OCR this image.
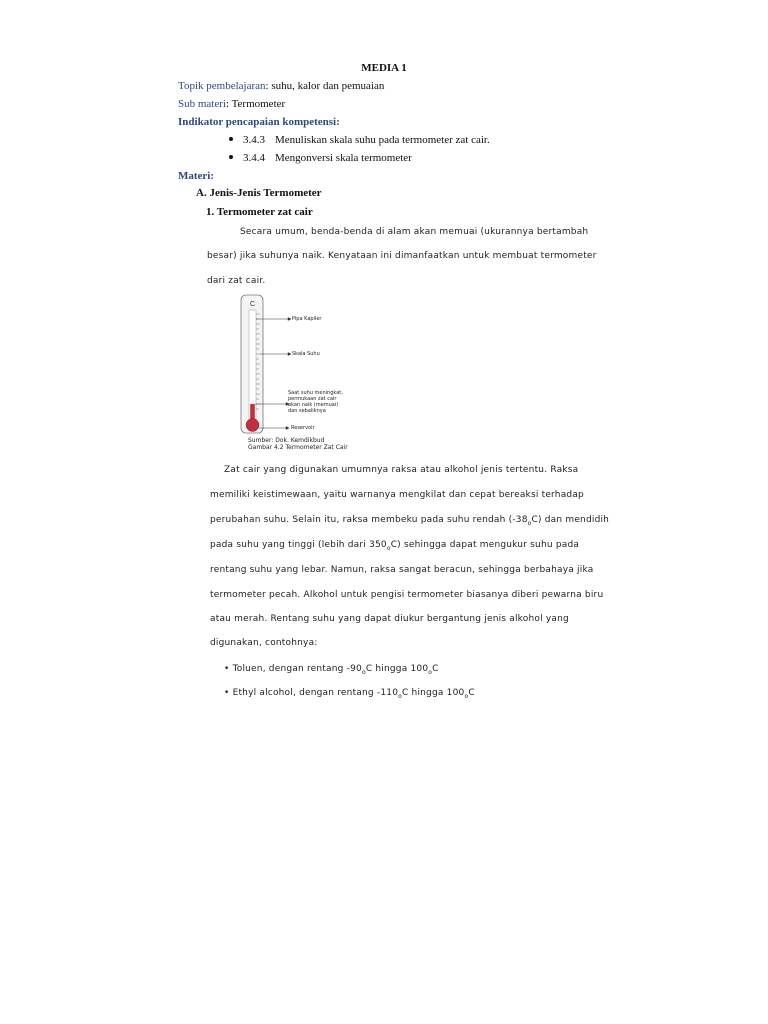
MEDIA 1
Topik pembelajaran: suhu, kalor dan pemuaian
Sub materi: Termometer
Indikator pencapaian kompetensi:
3.4.3 Menuliskan skala suhu pada termometer zat cair.
3.4.4 Mengonversi skala termometer
Materi:
A. Jenis-Jenis Termometer
1. Termometer zat cair
Secara umum, benda-benda di alam akan memuai (ukurannya bertambah
besar) jika suhunya naik. Kenyataan ini dimanfaatkan untuk membuat termometer
dari zat cair.
C
Pipa Kapiler
Skala Suhu
Saat suhu meningkat,
permukaan zat cair
akan naik (memuai)
dan sebaliknya
Reservoir
Sumber: Dok. Kemdikbud
Gambar 4.2 Termometer Zat Cair
Zat cair yang digunakan umumnya raksa atau alkohol jenis tertentu. Raksa
memiliki keistimewaan, yaitu warnanya mengkilat dan cepat bereaksi terhadap
perubahan suhu. Selain itu, raksa membeku pada suhu rendah $(-38_oC)$ dan mendidih
pada suhu yang tinggi (lebih dari $350_oC$) sehingga dapat mengukur suhu pada
rentang suhu yang lebar. Namun, raksa sangat beracun, sehingga berbahaya jika
termometer pecah. Alkohol untuk pengisi termometer biasanya diberi pewarna biru
atau merah. Rentang suhu yang dapat diukur bergantung jenis alkohol yang
digunakan, contohnya:
• Toluen, dengan rentang $-90_oC$ hingga $100_oC$
• Ethyl alcohol, dengan rentang $-110_oC$ hingga $100_oC$
